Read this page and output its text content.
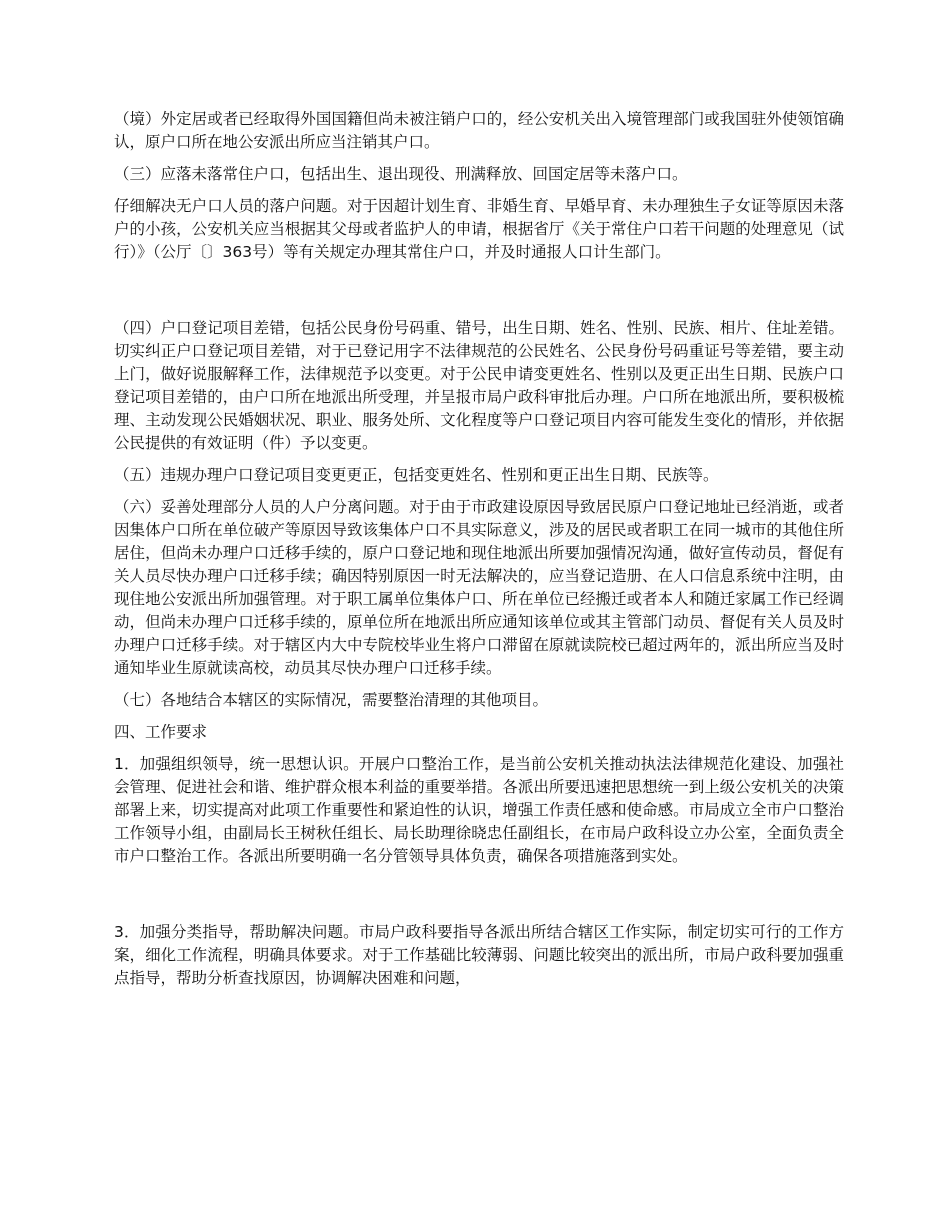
（境）外定居或者已经取得外国国籍但尚未被注销户口的，经公安机关出入境管理部门或我国驻外使领馆确认，原户口所在地公安派出所应当注销其户口。

（三）应落未落常住户口，包括出生、退出现役、刑满释放、回国定居等未落户口。

仔细解决无户口人员的落户问题。对于因超计划生育、非婚生育、早婚早育、未办理独生子女证等原因未落户的小孩，公安机关应当根据其父母或者监护人的申请，根据省厅《关于常住户口若干问题的处理意见（试行）》（公厅〔〕363号）等有关规定办理其常住户口，并及时通报人口计生部门。

（四）户口登记项目差错，包括公民身份号码重、错号，出生日期、姓名、性别、民族、相片、住址差错。切实纠正户口登记项目差错，对于已登记用字不法律规范的公民姓名、公民身份号码重证号等差错，要主动上门，做好说服解释工作，法律规范予以变更。对于公民申请变更姓名、性别以及更正出生日期、民族户口登记项目差错的，由户口所在地派出所受理，并呈报市局户政科审批后办理。户口所在地派出所，要积极梳理、主动发现公民婚姻状况、职业、服务处所、文化程度等户口登记项目内容可能发生变化的情形，并依据公民提供的有效证明（件）予以变更。

（五）违规办理户口登记项目变更更正，包括变更姓名、性别和更正出生日期、民族等。

（六）妥善处理部分人员的人户分离问题。对于由于市政建设原因导致居民原户口登记地址已经消逝，或者因集体户口所在单位破产等原因导致该集体户口不具实际意义，涉及的居民或者职工在同一城市的其他住所居住，但尚未办理户口迁移手续的，原户口登记地和现住地派出所要加强情况沟通，做好宣传动员，督促有关人员尽快办理户口迁移手续；确因特别原因一时无法解决的，应当登记造册、在人口信息系统中注明，由现住地公安派出所加强管理。对于职工属单位集体户口、所在单位已经搬迁或者本人和随迁家属工作已经调动，但尚未办理户口迁移手续的，原单位所在地派出所应通知该单位或其主管部门动员、督促有关人员及时办理户口迁移手续。对于辖区内大中专院校毕业生将户口滞留在原就读院校已超过两年的，派出所应当及时通知毕业生原就读高校，动员其尽快办理户口迁移手续。

（七）各地结合本辖区的实际情况，需要整治清理的其他项目。

四、工作要求

1．加强组织领导，统一思想认识。开展户口整治工作，是当前公安机关推动执法法律规范化建设、加强社会管理、促进社会和谐、维护群众根本利益的重要举措。各派出所要迅速把思想统一到上级公安机关的决策部署上来，切实提高对此项工作重要性和紧迫性的认识，增强工作责任感和使命感。市局成立全市户口整治工作领导小组，由副局长王树秋任组长、局长助理徐晓忠任副组长，在市局户政科设立办公室，全面负责全市户口整治工作。各派出所要明确一名分管领导具体负责，确保各项措施落到实处。

3．加强分类指导，帮助解决问题。市局户政科要指导各派出所结合辖区工作实际，制定切实可行的工作方案，细化工作流程，明确具体要求。对于工作基础比较薄弱、问题比较突出的派出所，市局户政科要加强重点指导，帮助分析查找原因，协调解决困难和问题，
